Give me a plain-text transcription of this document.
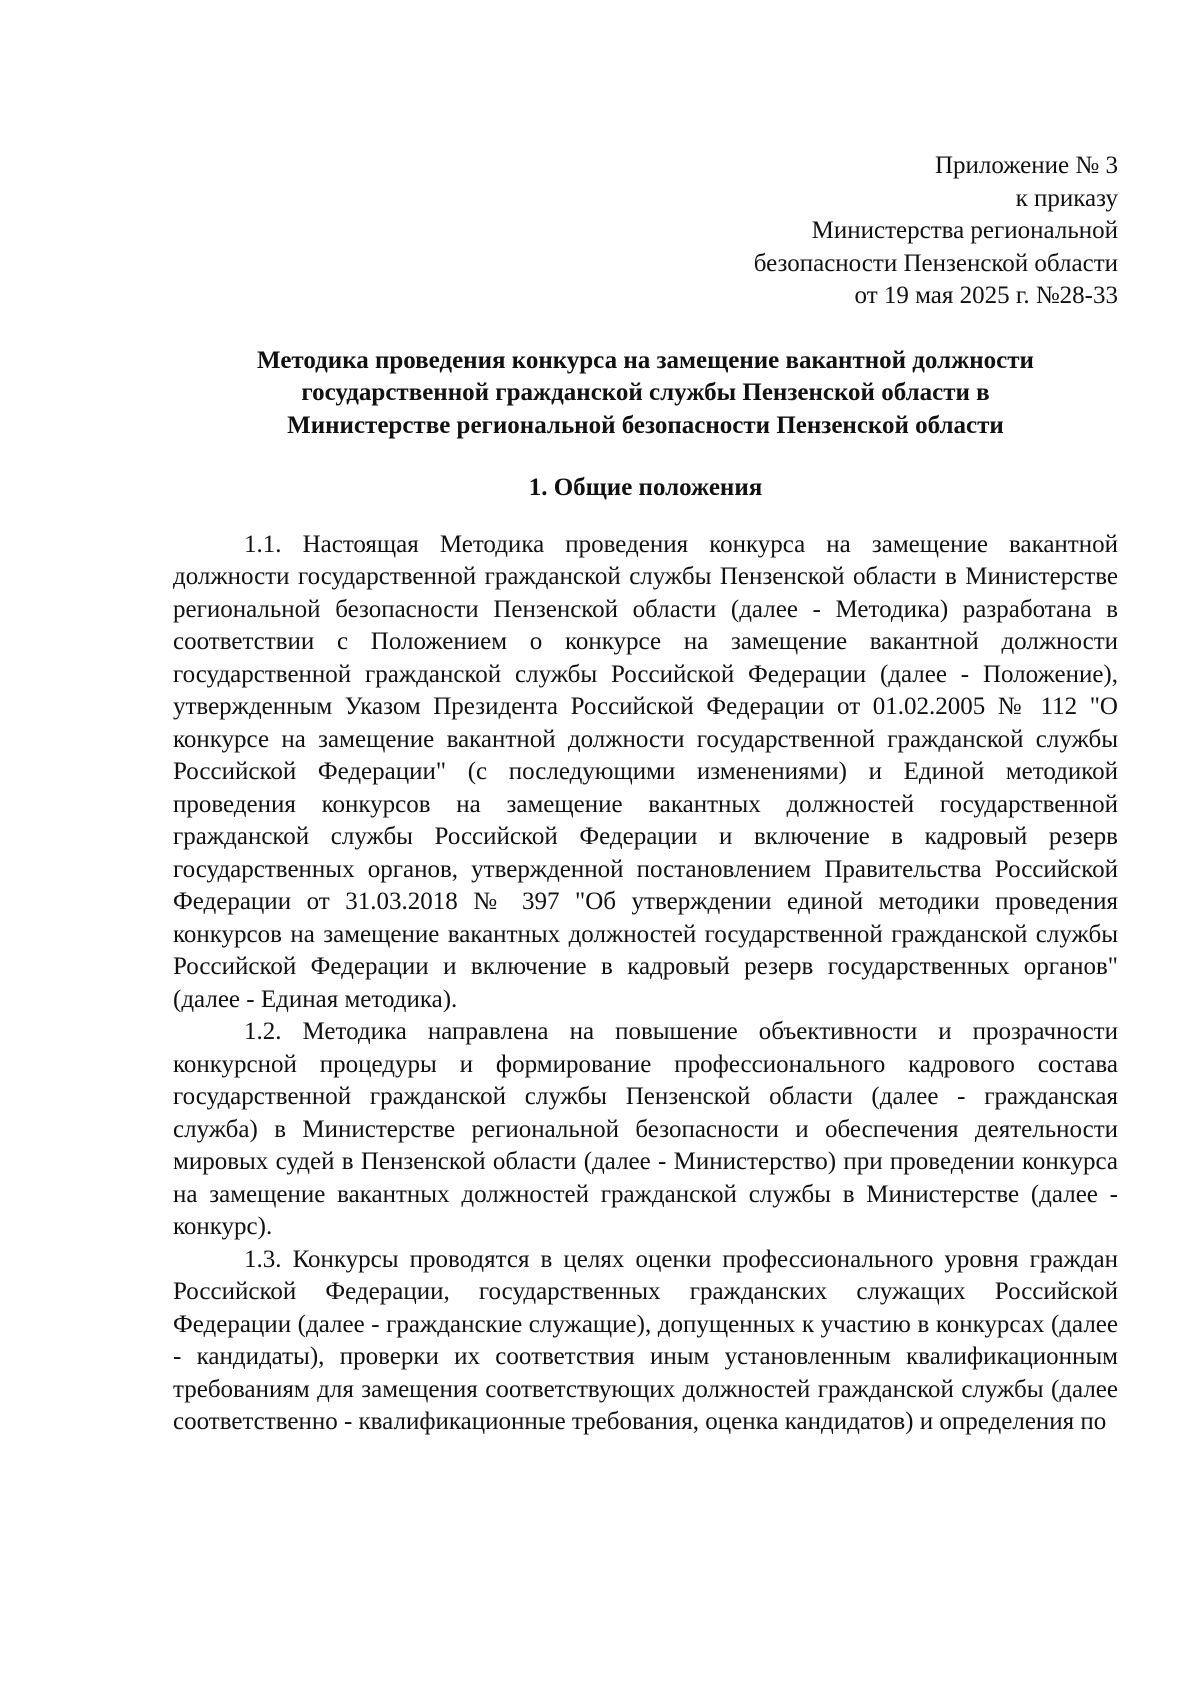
Приложение № 3
к приказу
Министерства региональной
безопасности Пензенской области
от 19 мая 2025 г. №28-33
Методика проведения конкурса на замещение вакантной должности
государственной гражданской службы Пензенской области в
Министерстве региональной безопасности Пензенской области
1. Общие положения

1.1. Настоящая Методика проведения конкурса на замещение вакантной должности государственной гражданской службы Пензенской области в Министерстве региональной безопасности Пензенской области (далее - Методика) разработана в соответствии с Положением о конкурсе на замещение вакантной должности государственной гражданской службы Российской Федерации (далее - Положение), утвержденным Указом Президента Российской Федерации от 01.02.2005 № 112 "О конкурсе на замещение вакантной должности государственной гражданской службы Российской Федерации" (с последующими изменениями) и Единой методикой проведения конкурсов на замещение вакантных должностей государственной гражданской службы Российской Федерации и включение в кадровый резерв государственных органов, утвержденной постановлением Правительства Российской Федерации от 31.03.2018 № 397 "Об утверждении единой методики проведения конкурсов на замещение вакантных должностей государственной гражданской службы Российской Федерации и включение в кадровый резерв государственных органов" (далее - Единая методика).

1.2. Методика направлена на повышение объективности и прозрачности конкурсной процедуры и формирование профессионального кадрового состава государственной гражданской службы Пензенской области (далее - гражданская служба) в Министерстве региональной безопасности и обеспечения деятельности мировых судей в Пензенской области (далее - Министерство) при проведении конкурса на замещение вакантных должностей гражданской службы в Министерстве (далее - конкурс).

1.3. Конкурсы проводятся в целях оценки профессионального уровня граждан Российской Федерации, государственных гражданских служащих Российской Федерации (далее - гражданские служащие), допущенных к участию в конкурсах (далее - кандидаты), проверки их соответствия иным установленным квалификационным требованиям для замещения соответствующих должностей гражданской службы (далее соответственно - квалификационные требования, оценка кандидатов) и определения по
